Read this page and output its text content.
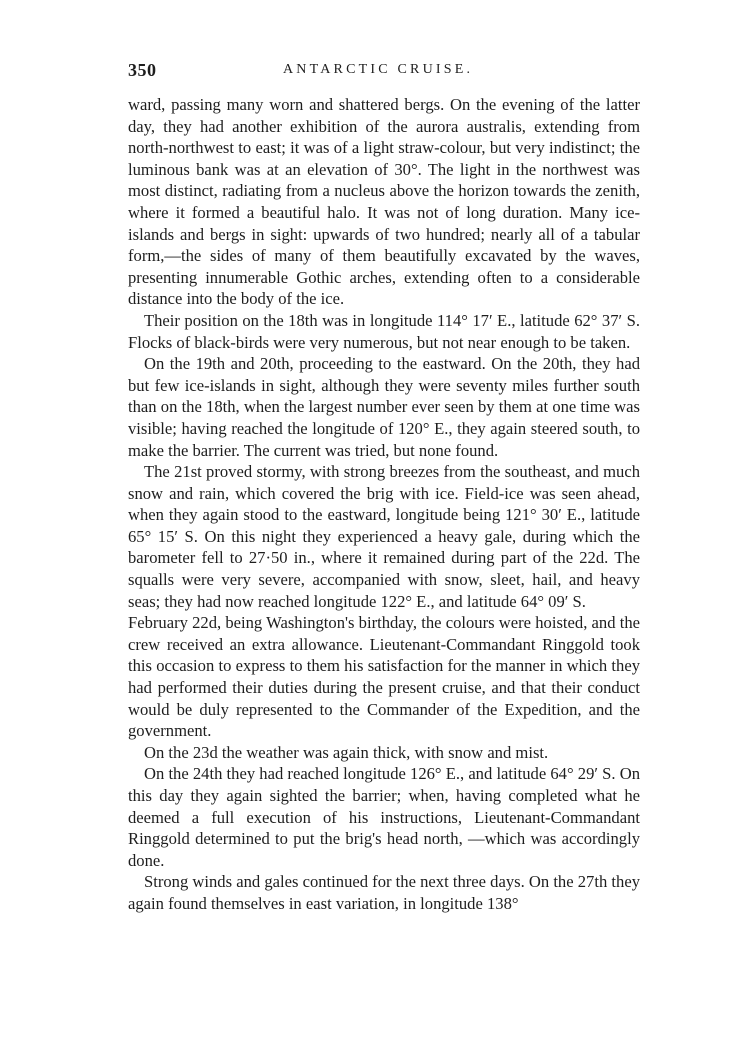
350	ANTARCTIC CRUISE.

ward, passing many worn and shattered bergs. On the evening of the latter day, they had another exhibition of the aurora australis, extending from north-northwest to east; it was of a light straw-colour, but very indistinct; the luminous bank was at an elevation of 30°. The light in the northwest was most distinct, radiating from a nucleus above the horizon towards the zenith, where it formed a beautiful halo. It was not of long duration. Many ice-islands and bergs in sight: upwards of two hundred; nearly all of a tabular form,—the sides of many of them beautifully excavated by the waves, presenting innumerable Gothic arches, extending often to a considerable distance into the body of the ice.

Their position on the 18th was in longitude 114° 17′ E., latitude 62° 37′ S. Flocks of black-birds were very numerous, but not near enough to be taken.

On the 19th and 20th, proceeding to the eastward. On the 20th, they had but few ice-islands in sight, although they were seventy miles further south than on the 18th, when the largest number ever seen by them at one time was visible; having reached the longitude of 120° E., they again steered south, to make the barrier. The current was tried, but none found.

The 21st proved stormy, with strong breezes from the southeast, and much snow and rain, which covered the brig with ice. Field-ice was seen ahead, when they again stood to the eastward, longitude being 121° 30′ E., latitude 65° 15′ S. On this night they experienced a heavy gale, during which the barometer fell to 27·50 in., where it remained during part of the 22d. The squalls were very severe, accompanied with snow, sleet, hail, and heavy seas; they had now reached longitude 122° E., and latitude 64° 09′ S.

February 22d, being Washington's birthday, the colours were hoisted, and the crew received an extra allowance. Lieutenant-Commandant Ringgold took this occasion to express to them his satisfaction for the manner in which they had performed their duties during the present cruise, and that their conduct would be duly represented to the Commander of the Expedition, and the government.

On the 23d the weather was again thick, with snow and mist.

On the 24th they had reached longitude 126° E., and latitude 64° 29′ S. On this day they again sighted the barrier; when, having completed what he deemed a full execution of his instructions, Lieutenant-Commandant Ringgold determined to put the brig's head north, —which was accordingly done.

Strong winds and gales continued for the next three days. On the 27th they again found themselves in east variation, in longitude 138°
